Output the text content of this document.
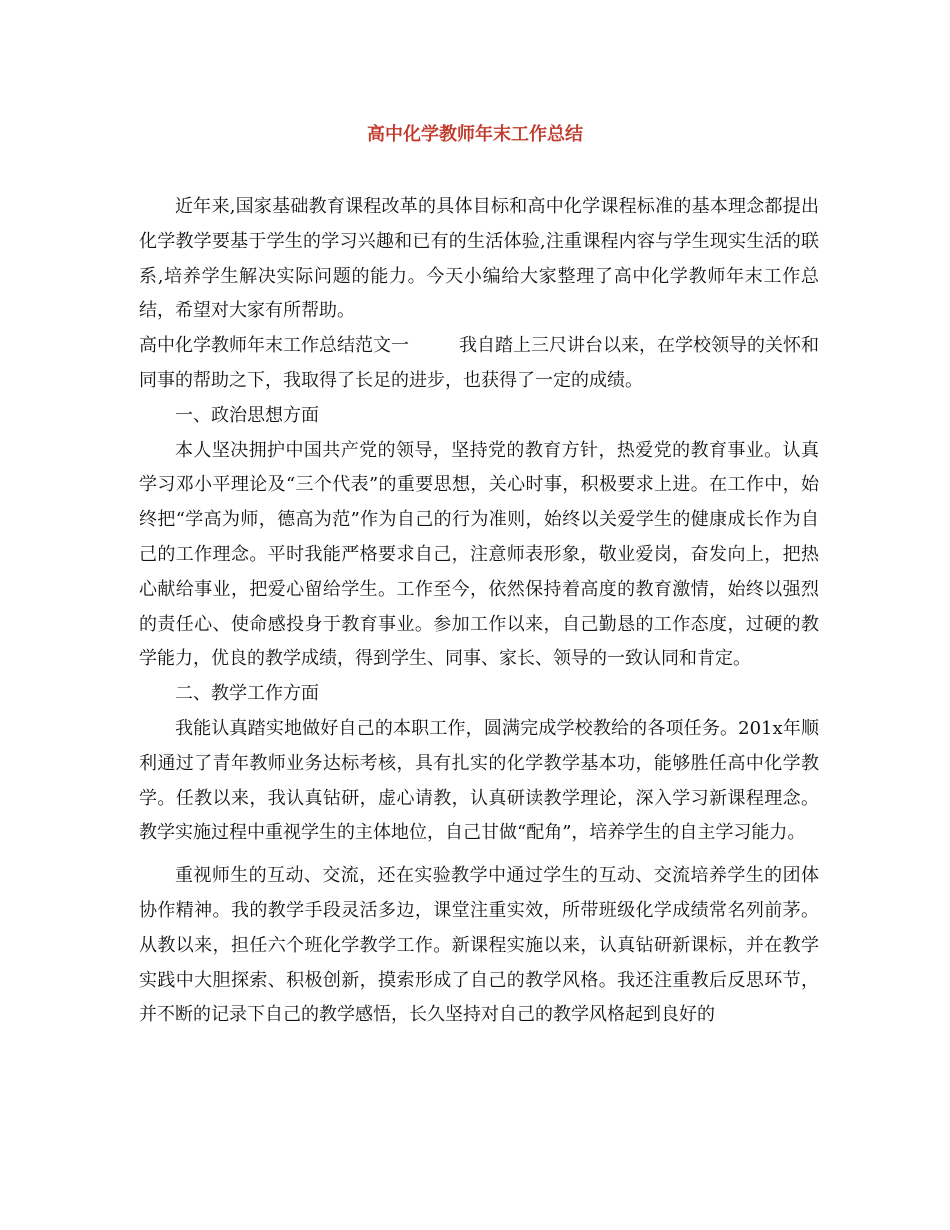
高中化学教师年末工作总结

近年来,国家基础教育课程改革的具体目标和高中化学课程标准的基本理念都提出化学教学要基于学生的学习兴趣和已有的生活体验,注重课程内容与学生现实生活的联系,培养学生解决实际问题的能力。今天小编给大家整理了高中化学教师年末工作总结，希望对大家有所帮助。

高中化学教师年末工作总结范文一	我自踏上三尺讲台以来，在学校领导的关怀和同事的帮助之下，我取得了长足的进步，也获得了一定的成绩。

一、政治思想方面

本人坚决拥护中国共产党的领导，坚持党的教育方针，热爱党的教育事业。认真学习邓小平理论及“三个代表”的重要思想，关心时事，积极要求上进。在工作中，始终把“学高为师，德高为范”作为自己的行为准则，始终以关爱学生的健康成长作为自己的工作理念。平时我能严格要求自己，注意师表形象，敬业爱岗，奋发向上，把热心献给事业，把爱心留给学生。工作至今，依然保持着高度的教育激情，始终以强烈的责任心、使命感投身于教育事业。参加工作以来，自己勤恳的工作态度，过硬的教学能力，优良的教学成绩，得到学生、同事、家长、领导的一致认同和肯定。

二、教学工作方面

我能认真踏实地做好自己的本职工作，圆满完成学校教给的各项任务。201x年顺利通过了青年教师业务达标考核，具有扎实的化学教学基本功，能够胜任高中化学教学。任教以来，我认真钻研，虚心请教，认真研读教学理论，深入学习新课程理念。教学实施过程中重视学生的主体地位，自己甘做“配角”，培养学生的自主学习能力。

重视师生的互动、交流，还在实验教学中通过学生的互动、交流培养学生的团体协作精神。我的教学手段灵活多边，课堂注重实效，所带班级化学成绩常名列前茅。从教以来，担任六个班化学教学工作。新课程实施以来，认真钻研新课标，并在教学实践中大胆探索、积极创新，摸索形成了自己的教学风格。我还注重教后反思环节，并不断的记录下自己的教学感悟，长久坚持对自己的教学风格起到良好的
